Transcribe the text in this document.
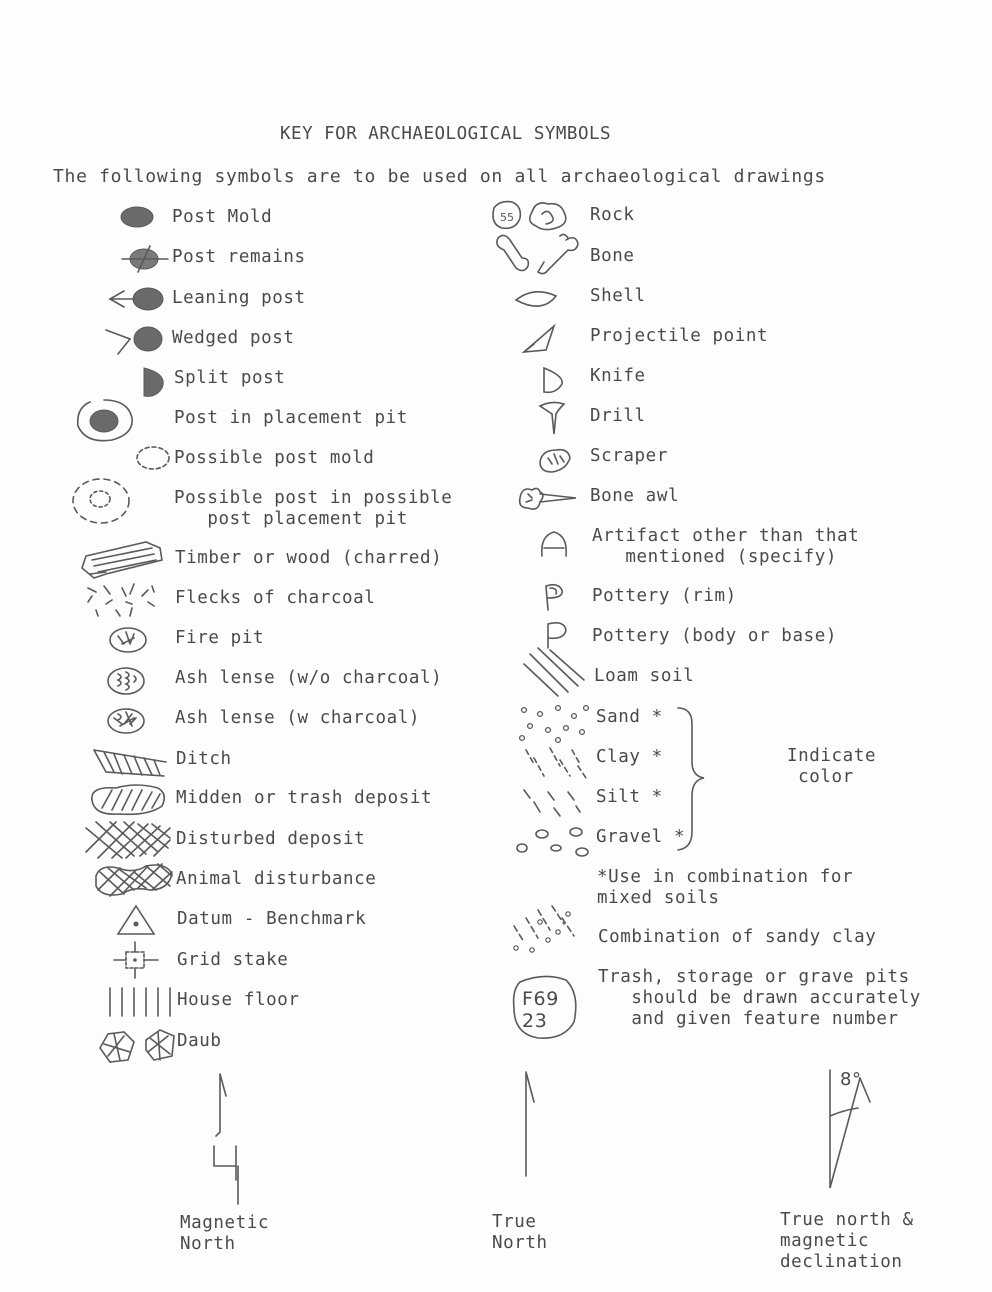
KEY FOR ARCHAEOLOGICAL SYMBOLS
The following symbols are to be used on all archaeological drawings
Post Mold
Post remains
Leaning post
Wedged post
Split post
Post in placement pit
Possible post mold
Possible post in possible
post placement pit
Timber or wood (charred)
Flecks of charcoal
Fire pit
Ash lense (w/o charcoal)
Ash lense (w charcoal)
Ditch
Midden or trash deposit
Disturbed deposit
Animal disturbance
Datum - Benchmark
Grid stake
House floor
Daub
Rock
Bone
Shell
Projectile point
Knife
Drill
Scraper
Bone awl
Artifact other than that
mentioned (specify)
Pottery (rim)
Pottery (body or base)
Loam soil
Sand *
Clay *
Silt *
Gravel *
*Use in combination for
mixed soils
Combination of sandy clay
Trash, storage or grave pits
should be drawn accurately
and given feature number
Indicate
color
Magnetic
North
True
North
True north &
magnetic
declination
55
F69
23
8°
